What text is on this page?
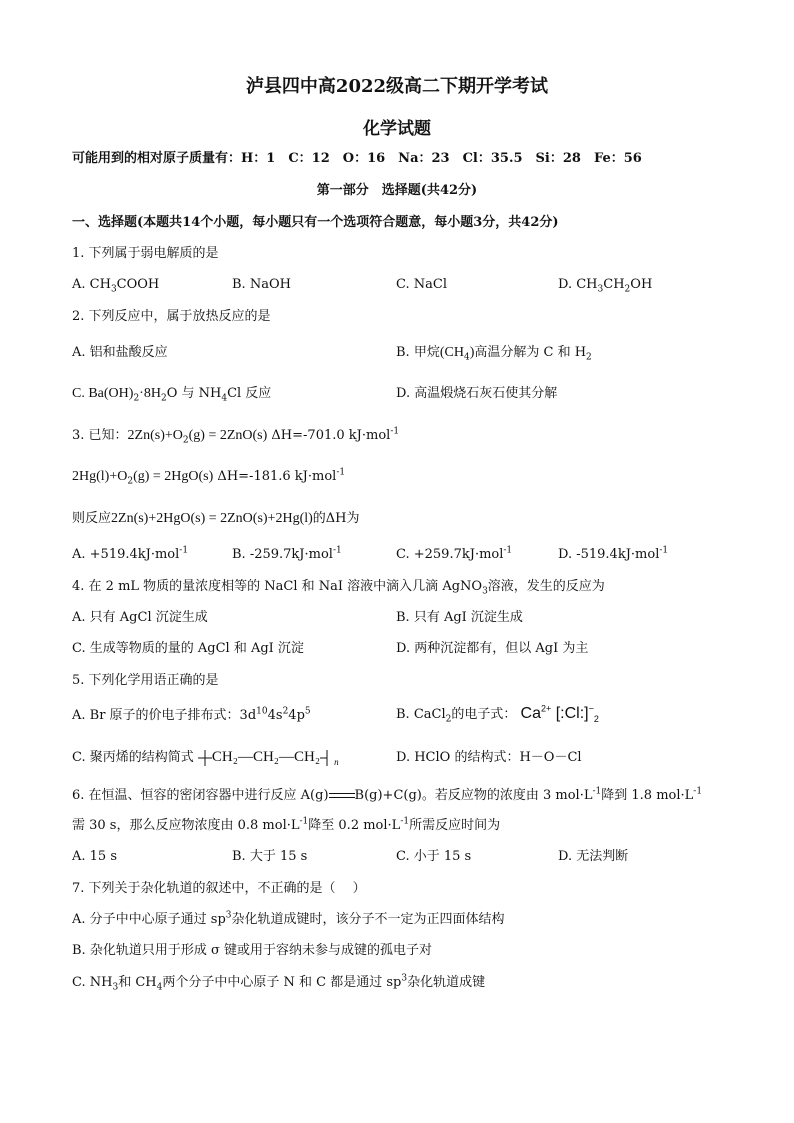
泸县四中高2022级高二下期开学考试
化学试题
可能用到的相对原子质量有：H：1　C：12　O：16　Na：23　Cl：35.5　Si：28　Fe：56
第一部分　选择题(共42分)
一、选择题(本题共14个小题，每小题只有一个选项符合题意，每小题3分，共42分)
1. 下列属于弱电解质的是
A. $CH_3COOH$	B. NaOH	C. NaCl	D. $CH_3CH_2OH$
2. 下列反应中，属于放热反应的是
A. 铝和盐酸反应	B. 甲烷$(CH_4)$高温分解为 C 和 $H_2$
C. $Ba(OH)_2\cdot 8H_2O$ 与 $NH_4Cl$ 反应	D. 高温煅烧石灰石使其分解
3. 已知：$2Zn(s)+O_2(g) = 2ZnO(s)$ ΔH=-701.0 kJ·mol$^{-1}$
$2Hg(l)+O_2(g) = 2HgO(s)$ ΔH=-181.6 kJ·mol$^{-1}$
则反应2Zn(s)+2HgO(s) = 2ZnO(s)+2Hg(l)的ΔH为
A. +519.4kJ·mol$^{-1}$	B. -259.7kJ·mol$^{-1}$	C. +259.7kJ·mol$^{-1}$	D. -519.4kJ·mol$^{-1}$
4. 在 2 mL 物质的量浓度相等的 NaCl 和 NaI 溶液中滴入几滴 AgNO$_3$溶液，发生的反应为
A. 只有 AgCl 沉淀生成	B. 只有 AgI 沉淀生成
C. 生成等物质的量的 AgCl 和 AgI 沉淀	D. 两种沉淀都有，但以 AgI 为主
5. 下列化学用语正确的是
A. Br 原子的价电子排布式：$3d^{10}4s^24p^5$	B. CaCl$_2$的电子式： $Ca^{2+}$ $[:Cl:]^-_2$
C. 聚丙烯的结构简式 CH₂—CH₂—CH₂ $_n$	D. HClO 的结构式：H－O－Cl
6. 在恒温、恒容的密闭容器中进行反应 A(g) B(g)+C(g)。若反应物的浓度由 3 $mol\cdot L^{-1}$降到 1.8 $mol\cdot L^{-1}$
需 30 s，那么反应物浓度由 0.8 $mol\cdot L^{-1}$降至 0.2 $mol\cdot L^{-1}$所需反应时间为
A. 15 s	B. 大于 15 s	C. 小于 15 s	D. 无法判断
7. 下列关于杂化轨道的叙述中，不正确的是（　 ）
A. 分子中中心原子通过 $sp^3$杂化轨道成键时，该分子不一定为正四面体结构
B. 杂化轨道只用于形成 σ 键或用于容纳未参与成键的孤电子对
C. $NH_3$和 $CH_4$两个分子中中心原子 N 和 C 都是通过 $sp^3$杂化轨道成键
